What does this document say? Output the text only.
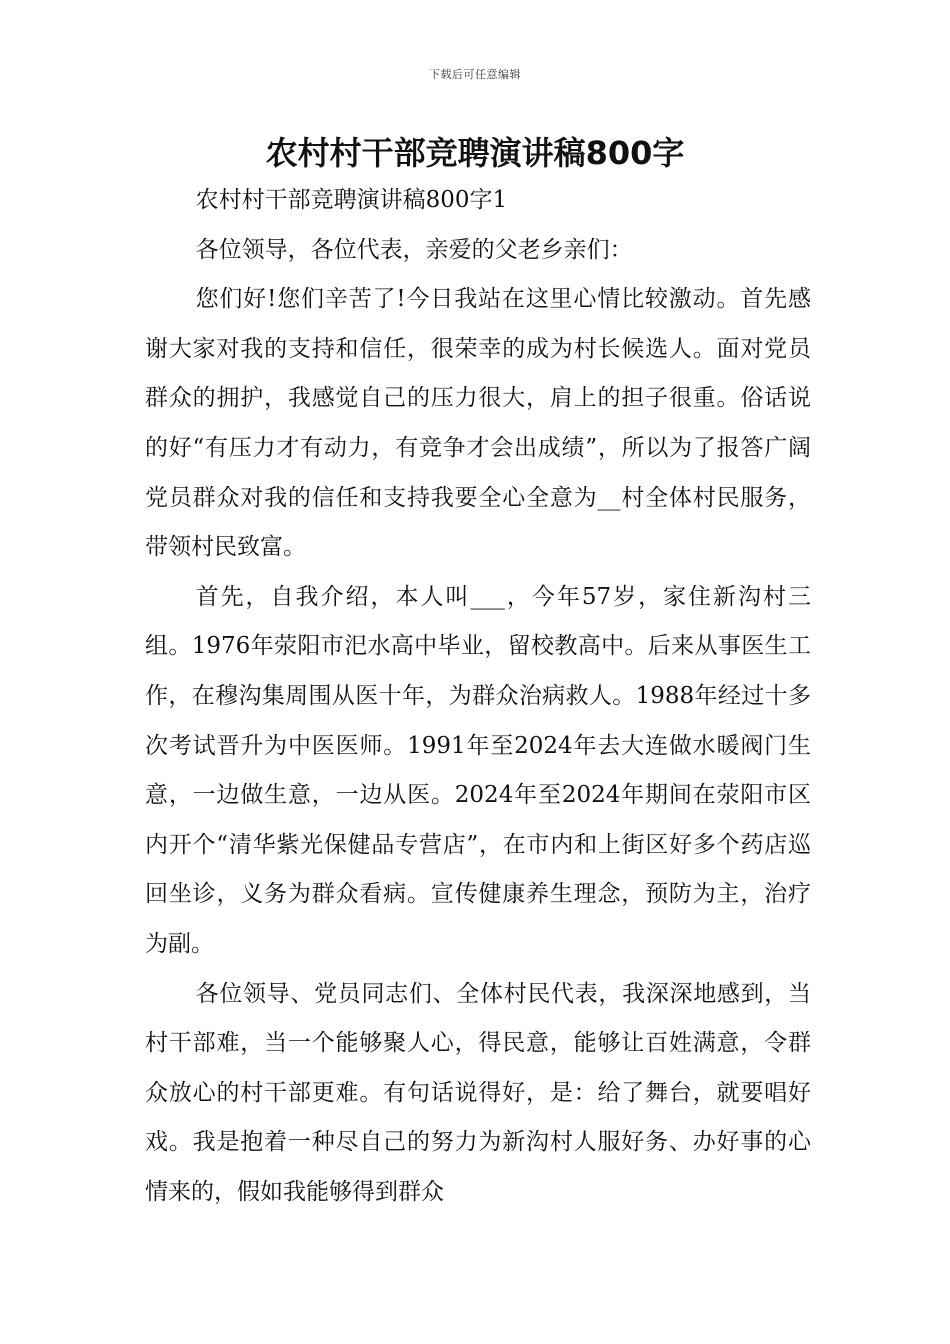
下载后可任意编辑
农村村干部竞聘演讲稿800字

农村村干部竞聘演讲稿800字1

各位领导，各位代表，亲爱的父老乡亲们：

您们好!您们辛苦了!今日我站在这里心情比较激动。首先感谢大家对我的支持和信任，很荣幸的成为村长候选人。面对党员群众的拥护，我感觉自己的压力很大，肩上的担子很重。俗话说的好“有压力才有动力，有竞争才会出成绩”，所以为了报答广阔党员群众对我的信任和支持我要全心全意为__村全体村民服务，带领村民致富。

首先，自我介绍，本人叫___，今年57岁，家住新沟村三组。1976年荥阳市汜水高中毕业，留校教高中。后来从事医生工作，在穆沟集周围从医十年，为群众治病救人。1988年经过十多次考试晋升为中医医师。1991年至2024年去大连做水暖阀门生意，一边做生意，一边从医。2024年至2024年期间在荥阳市区内开个“清华紫光保健品专营店”，在市内和上街区好多个药店巡回坐诊，义务为群众看病。宣传健康养生理念，预防为主，治疗为副。

各位领导、党员同志们、全体村民代表，我深深地感到，当村干部难，当一个能够聚人心，得民意，能够让百姓满意，令群众放心的村干部更难。有句话说得好，是：给了舞台，就要唱好戏。我是抱着一种尽自己的努力为新沟村人服好务、办好事的心情来的，假如我能够得到群众
